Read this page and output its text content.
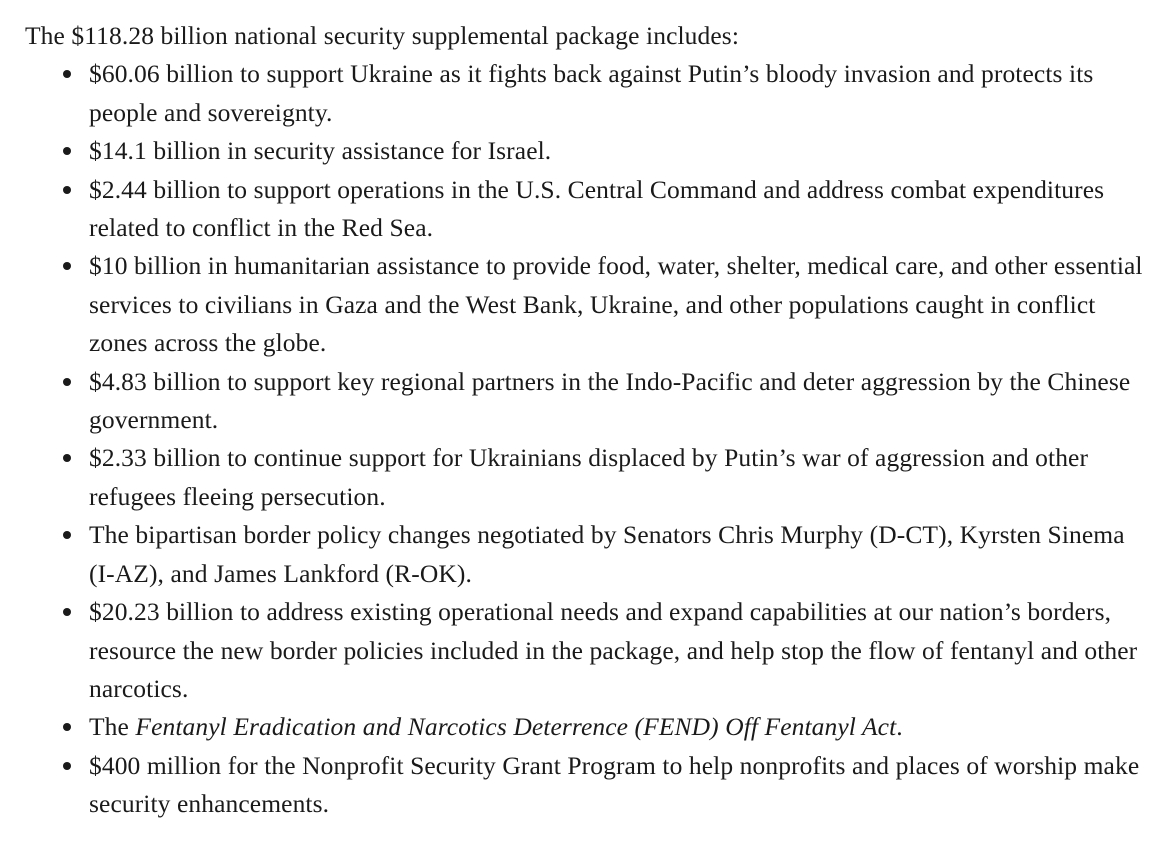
The $118.28 billion national security supplemental package includes:

$60.06 billion to support Ukraine as it fights back against Putin’s bloody invasion and protects its people and sovereignty.
$14.1 billion in security assistance for Israel.
$2.44 billion to support operations in the U.S. Central Command and address combat expenditures related to conflict in the Red Sea.
$10 billion in humanitarian assistance to provide food, water, shelter, medical care, and other essential services to civilians in Gaza and the West Bank, Ukraine, and other populations caught in conflict zones across the globe.
$4.83 billion to support key regional partners in the Indo-Pacific and deter aggression by the Chinese government.
$2.33 billion to continue support for Ukrainians displaced by Putin’s war of aggression and other refugees fleeing persecution.
The bipartisan border policy changes negotiated by Senators Chris Murphy (D-CT), Kyrsten Sinema (I-AZ), and James Lankford (R-OK).
$20.23 billion to address existing operational needs and expand capabilities at our nation’s borders, resource the new border policies included in the package, and help stop the flow of fentanyl and other narcotics.
The Fentanyl Eradication and Narcotics Deterrence (FEND) Off Fentanyl Act.
$400 million for the Nonprofit Security Grant Program to help nonprofits and places of worship make security enhancements.
